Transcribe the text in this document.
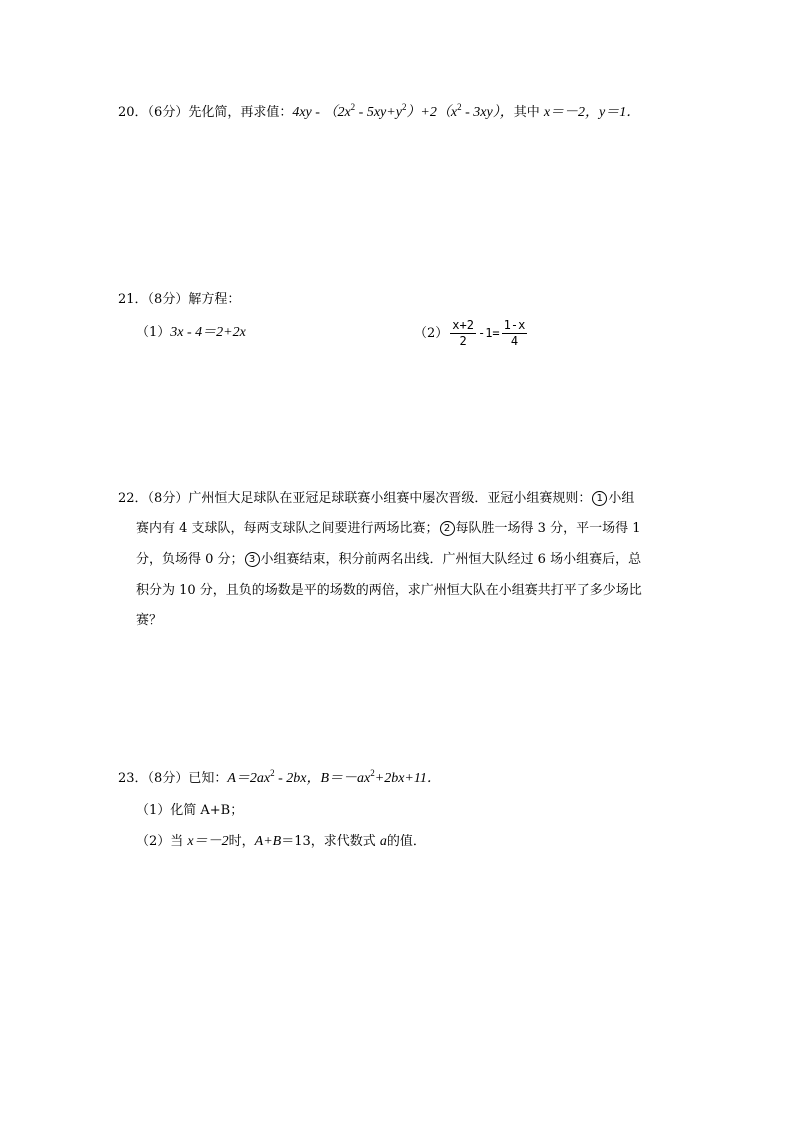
20．（6分）先化简，再求值：$4xy - (2x^2 - 5xy+y^2)+2(x^2 - 3xy)$，其中 x＝－2，y＝1．
21．（8分）解方程：
（1）3x - 4＝2+2x	$(2) \frac{x+2}{2} -1= \frac{1-x}{4}$
22．（8分）广州恒大足球队在亚冠足球联赛小组赛中屡次晋级．亚冠小组赛规则： 1 小组
赛内有 4 支球队，每两支球队之间要进行两场比赛； 2 每队胜一场得 3 分，平一场得 1
分，负场得 0 分； 3 小组赛结束，积分前两名出线．广州恒大队经过 6 场小组赛后，总
积分为 10 分，且负的场数是平的场数的两倍，求广州恒大队在小组赛共打平了多少场比
赛？
23．（8分）已知：$A=2ax^2 - 2bx$，$B=-ax^2+2bx+11$．
（1）化简 A+B；
（2）当 x＝－2时，A+B＝13，求代数式 a的值．
